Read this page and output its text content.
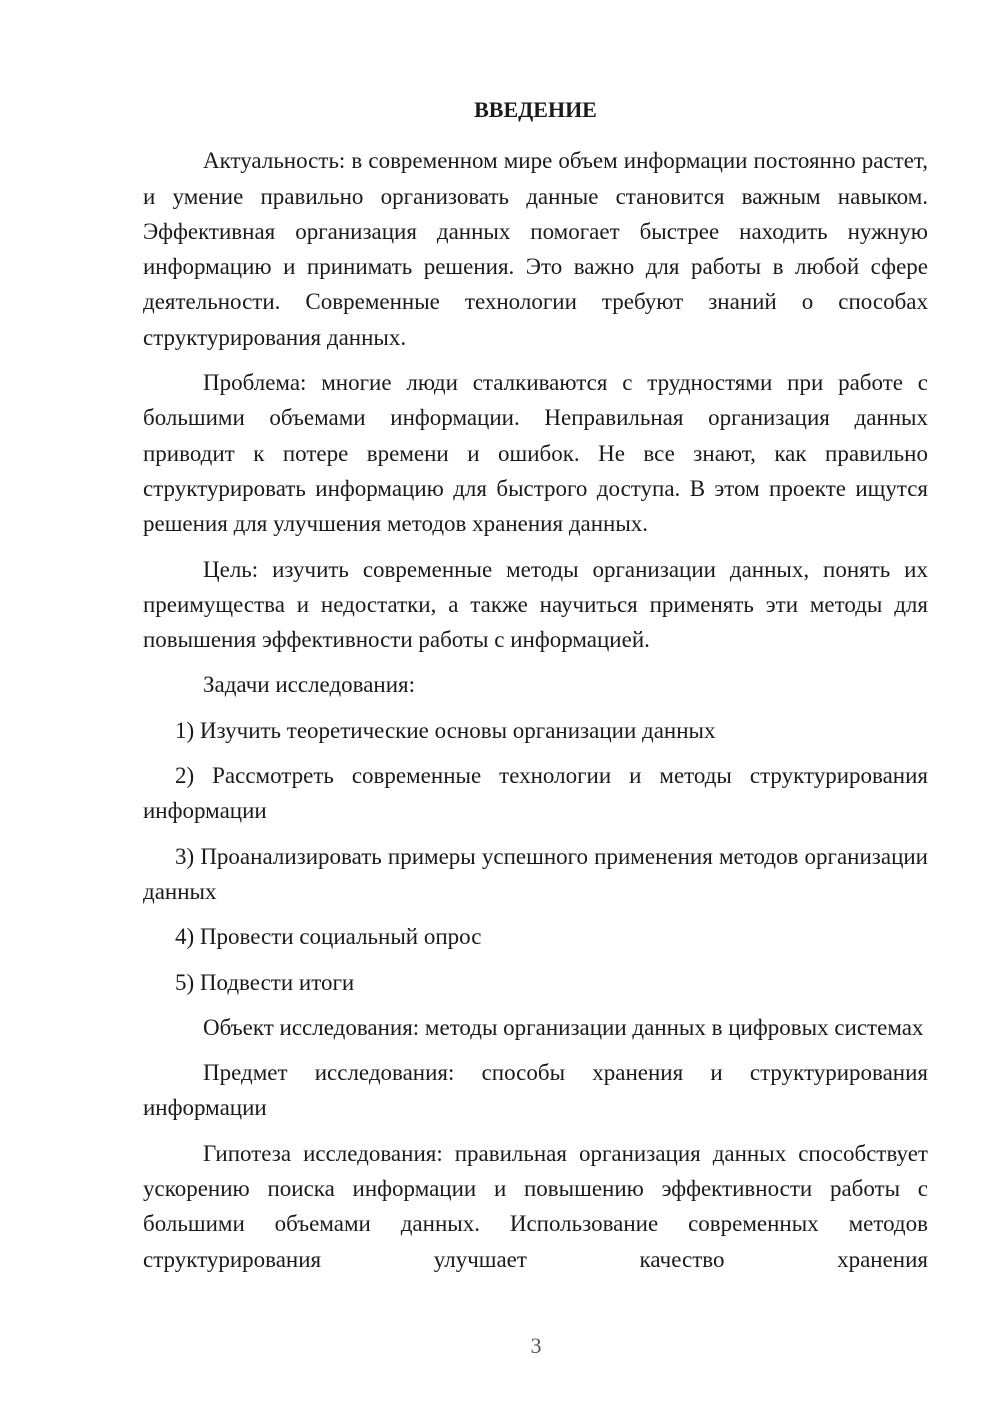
ВВЕДЕНИЕ

Актуальность: в современном мире объем информации постоянно растет, и умение правильно организовать данные становится важным навыком. Эффективная организация данных помогает быстрее находить нужную информацию и принимать решения. Это важно для работы в любой сфере деятельности. Современные технологии требуют знаний о способах структурирования данных.

Проблема: многие люди сталкиваются с трудностями при работе с большими объемами информации. Неправильная организация данных приводит к потере времени и ошибок. Не все знают, как правильно структурировать информацию для быстрого доступа. В этом проекте ищутся решения для улучшения методов хранения данных.

Цель: изучить современные методы организации данных, понять их преимущества и недостатки, а также научиться применять эти методы для повышения эффективности работы с информацией.

Задачи исследования:

1) Изучить теоретические основы организации данных

2) Рассмотреть современные технологии и методы структурирования информации

3) Проанализировать примеры успешного применения методов организации данных

4) Провести социальный опрос

5) Подвести итоги

Объект исследования: методы организации данных в цифровых системах

Предмет исследования: способы хранения и структурирования информации

Гипотеза исследования: правильная организация данных способствует ускорению поиска информации и повышению эффективности работы с большими объемами данных. Использование современных методов структурирования улучшает качество хранения

3
